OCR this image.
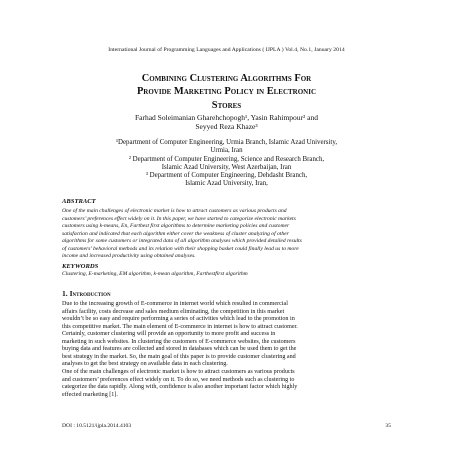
International Journal of Programming Languages and Applications ( IJPLA ) Vol.4, No.1, January 2014
Combining Clustering Algorithms For
Provide Marketing Policy in Electronic
Stores
Farhad Soleimanian Gharehchopogh¹, Yasin Rahimpour² and
Seyyed Reza Khaze³
¹Department of Computer Engineering, Urmia Branch, Islamic Azad University,
Urmia, Iran
² Department of Computer Engineering, Science and Research Branch,
Islamic Azad University, West Azerbaijan, Iran
³ Department of Computer Engineering, Dehdasht Branch,
Islamic Azad University, Iran,
ABSTRACT
One of the main challenges of electronic market is how to attract customers as various products and
customers’ preferences effect widely on it. In this paper, we have started to categorize electronic markets
customers using k-means, En, Farthest first algorithms to determine marketing policies and customer
satisfaction and indicated that each algorithm either cover the weakness of cluster analyzing of other
algorithms for some customers or integrated data of all algorithm analyses which provided detailed results
of customers’ behavioral methods and its relation with their shopping basket could finally lead us to more
income and increased productivity using obtained analyses.
KEYWORDS
Clustering, E-marketing, EM algorithm, k-mean algorithm, Farthestfirst algorithm
1. Introduction
Due to the increasing growth of E-commerce in internet world which resulted in commercial
affairs facility, costs decrease and sales medium eliminating, the competition in this market
wouldn’t be so easy and require performing a series of activities which lead to the promotion in
this competitive market. The main element of E-commerce in internet is how to attract customer.
Certainly, customer clustering will provide an opportunity to more profit and success in
marketing in such websites. In clustering the customers of E-commerce websites, the customers
buying data and features are collected and stored in databases which can be used them to get the
best strategy in the market. So, the main goal of this paper is to provide customer clustering and
analyses to get the best strategy on available data in each clustering.
One of the main challenges of electronic market is how to attract customers as various products
and customers’ preferences effect widely on it. To do so, we need methods such as clustering to
categorize the data rapidly. Along with, confidence is also another important factor which highly
effected marketing [1].
DOI : 10.5121/ijpla.2014.4103	35
